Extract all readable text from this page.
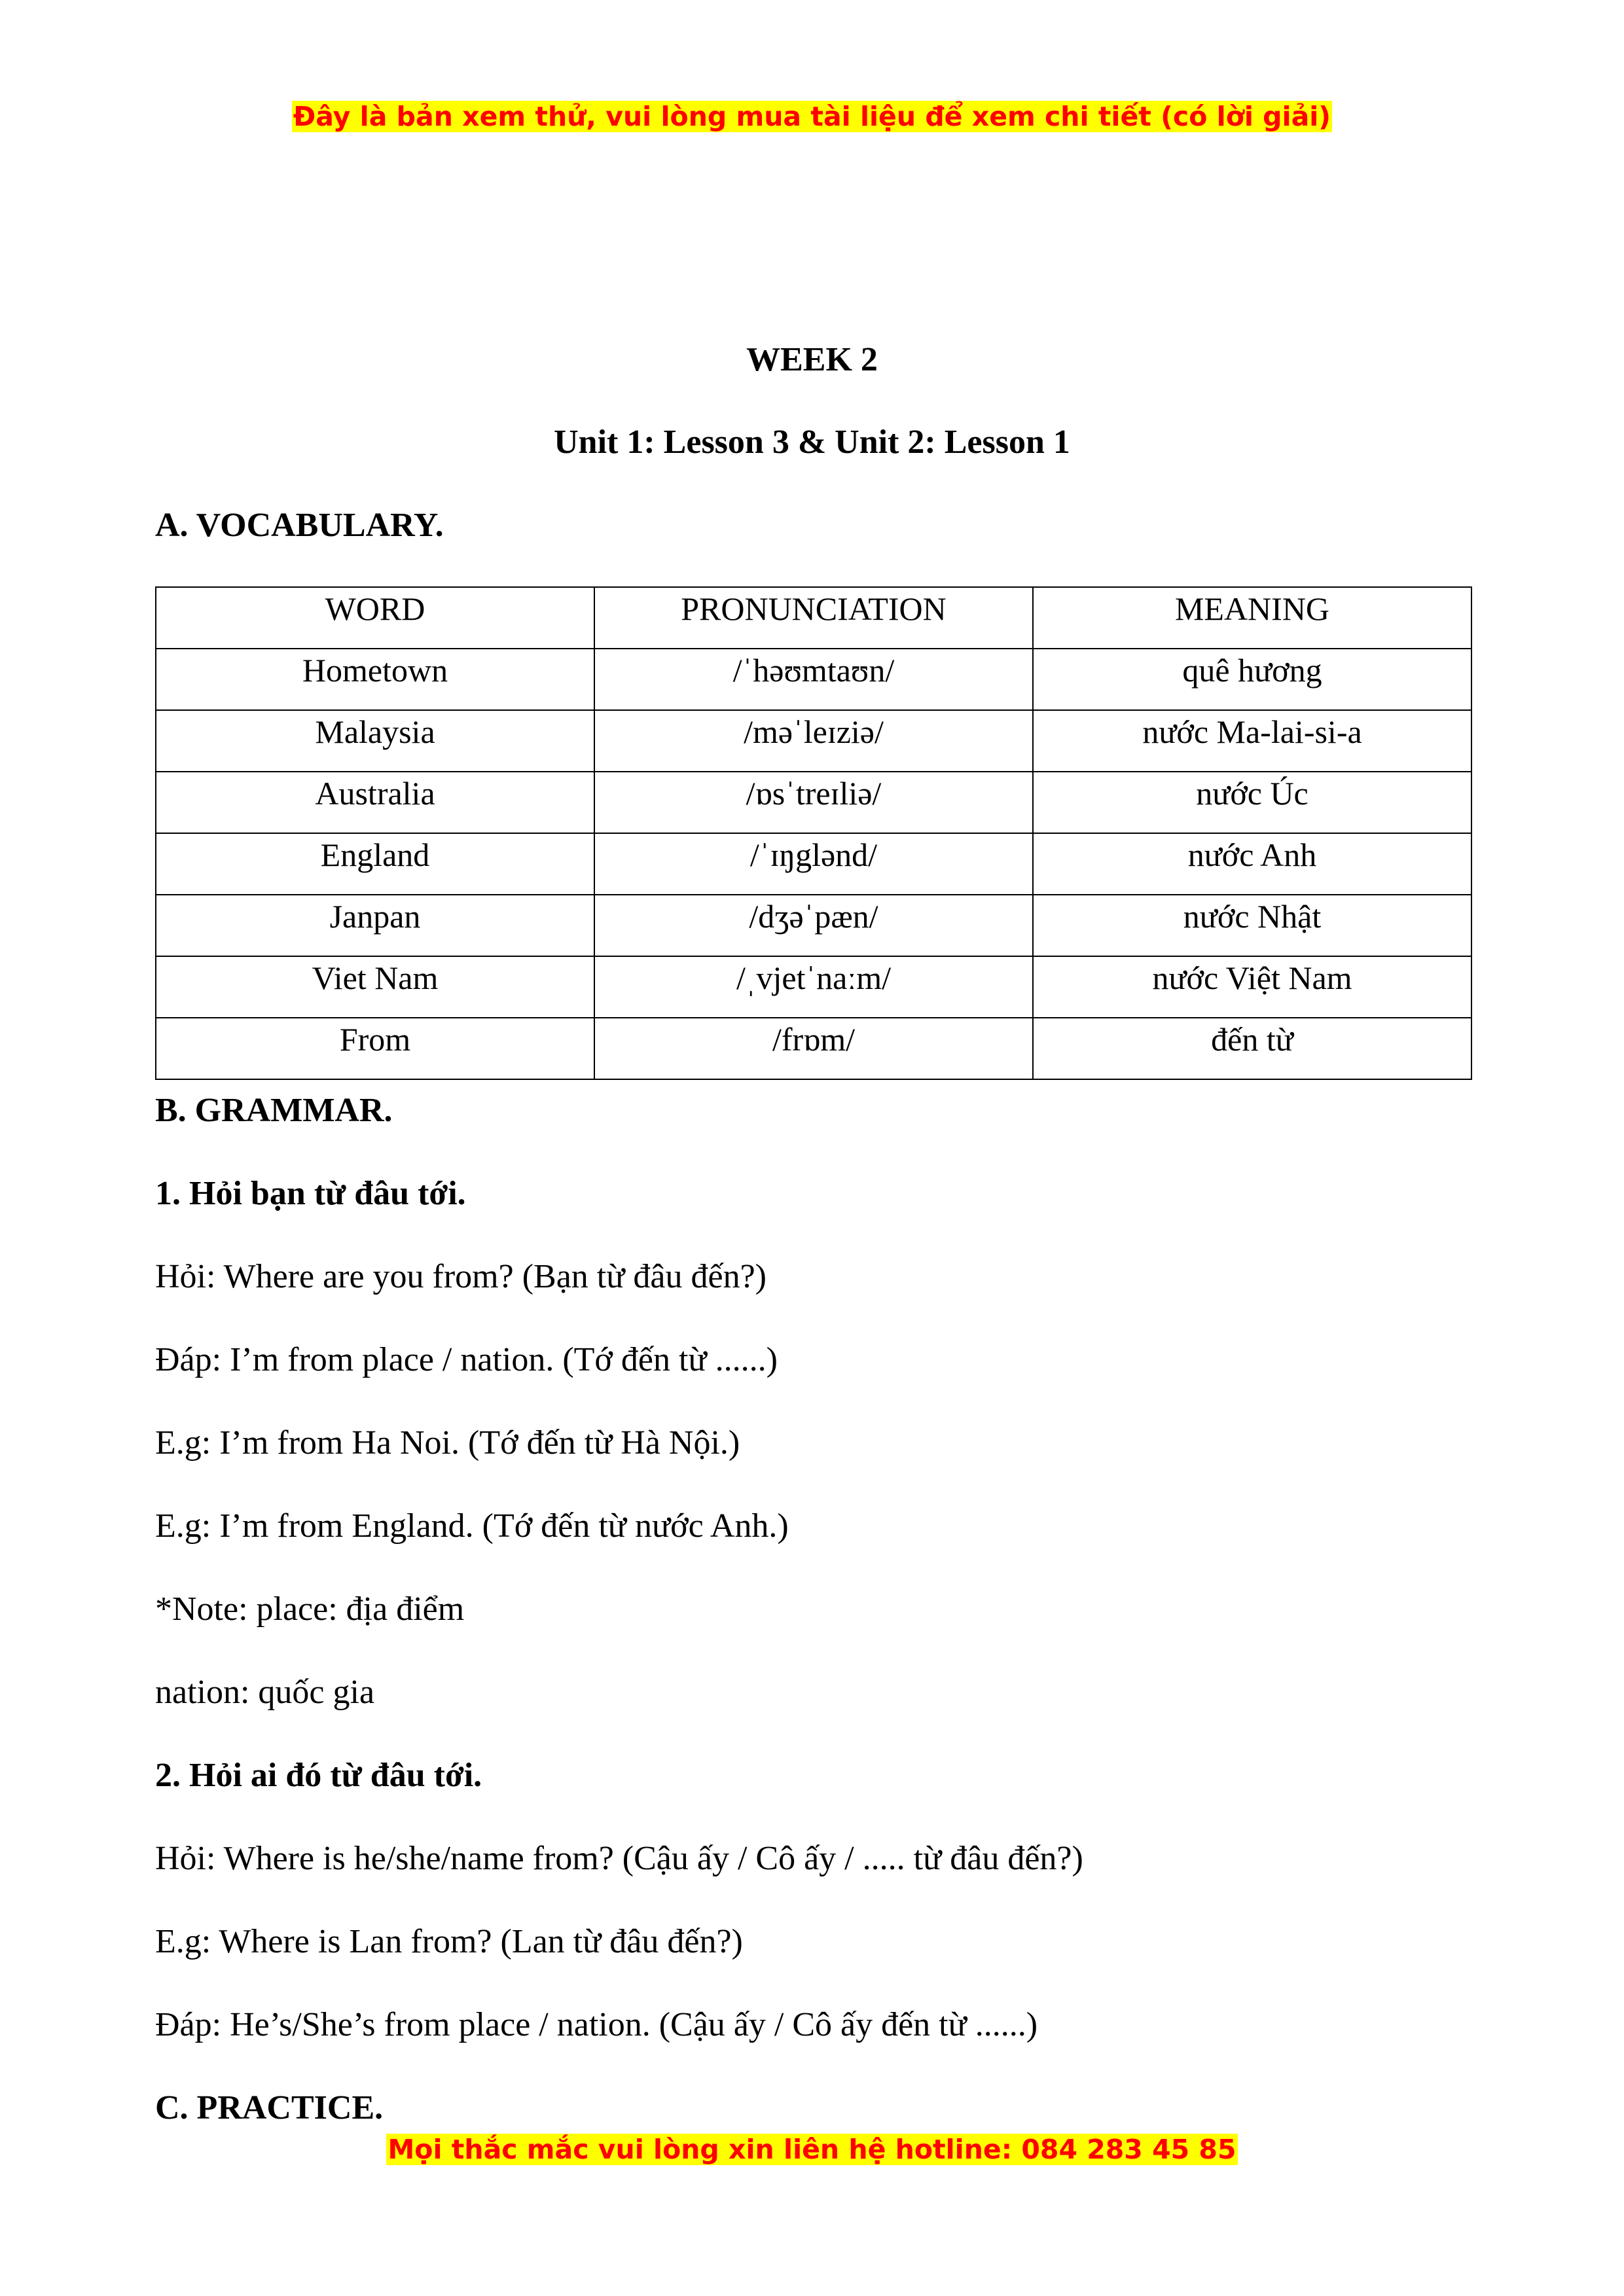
Đây là bản xem thử, vui lòng mua tài liệu để xem chi tiết (có lời giải)
WEEK 2
Unit 1: Lesson 3 & Unit 2: Lesson 1
A. VOCABULARY.
WORD	PRONUNCIATION	MEANING
Hometown	/ˈhəʊmtaʊn/	quê hương
Malaysia	/məˈleɪziə/	nước Ma-lai-si-a
Australia	/ɒsˈtreɪliə/	nước Úc
England	/ˈɪŋglənd/	nước Anh
Janpan	/dʒəˈpæn/	nước Nhật
Viet Nam	/ˌvjetˈnaːm/	nước Việt Nam
From	/frɒm/	đến từ
B. GRAMMAR.
1. Hỏi bạn từ đâu tới.
Hỏi: Where are you from? (Bạn từ đâu đến?)
Đáp: I’m from place / nation. (Tớ đến từ ......)
E.g: I’m from Ha Noi. (Tớ đến từ Hà Nội.)
E.g: I’m from England. (Tớ đến từ nước Anh.)
*Note: place: địa điểm
nation: quốc gia
2. Hỏi ai đó từ đâu tới.
Hỏi: Where is he/she/name from? (Cậu ấy / Cô ấy / ..... từ đâu đến?)
E.g: Where is Lan from? (Lan từ đâu đến?)
Đáp: He’s/She’s from place / nation. (Cậu ấy / Cô ấy đến từ ......)
C. PRACTICE.
Mọi thắc mắc vui lòng xin liên hệ hotline: 084 283 45 85
